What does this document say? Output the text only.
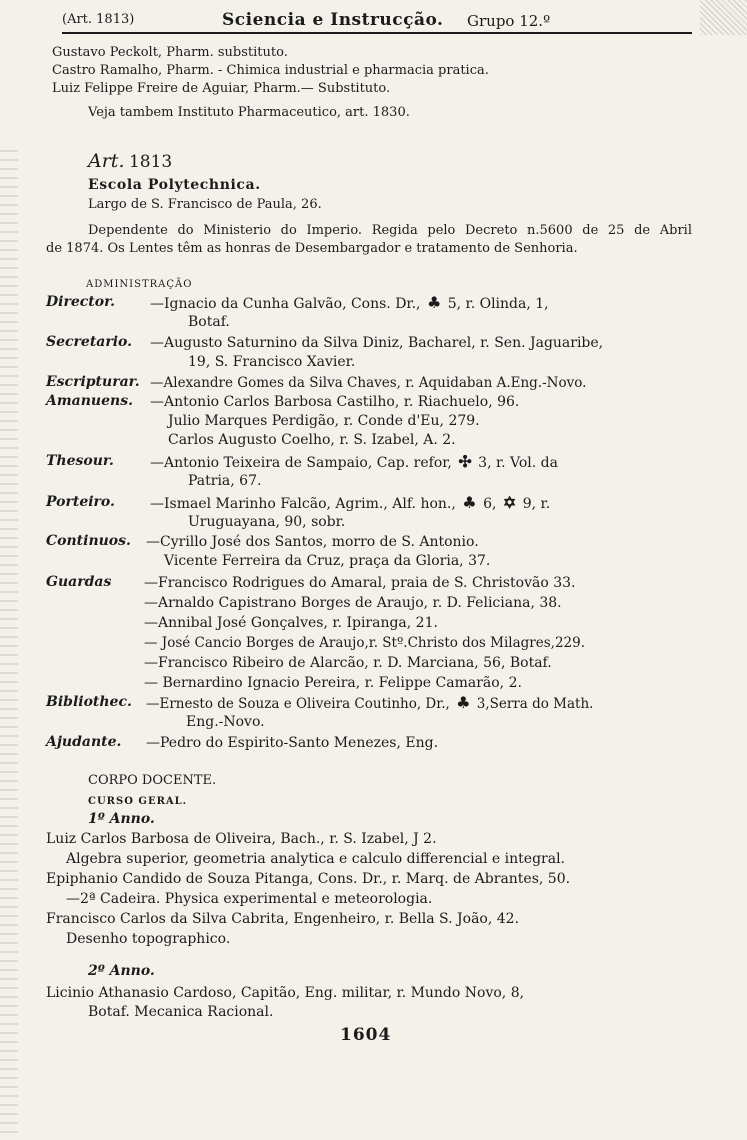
(Art. 1813)	Sciencia e Instrucção. Grupo 12.º
Gustavo Peckolt, Pharm. substituto.
Castro Ramalho, Pharm. - Chimica industrial e pharmacia pratica.
Luiz Felippe Freire de Aguiar, Pharm.— Substituto.
Veja tambem Instituto Pharmaceutico, art. 1830.
Art. 1813
Escola Polytechnica.
Largo de S. Francisco de Paula, 26.
Dependente do Ministerio do Imperio. Regida pelo Decreto n.5600 de 25 de Abril
de 1874. Os Lentes têm as honras de Desembargador e tratamento de Senhoria.
ADMINISTRAÇÃO
Director. —Ignacio da Cunha Galvão, Cons. Dr., ♣ 5, r. Olinda, 1,
Botaf.
Secretario. —Augusto Saturnino da Silva Diniz, Bacharel, r. Sen. Jaguaribe,
19, S. Francisco Xavier.
Escripturar. —Alexandre Gomes da Silva Chaves, r. Aquidaban A.Eng.-Novo.
Amanuens. —Antonio Carlos Barbosa Castilho, r. Riachuelo, 96.
Julio Marques Perdigão, r. Conde d'Eu, 279.
Carlos Augusto Coelho, r. S. Izabel, A. 2.
Thesour.	—Antonio Teixeira de Sampaio, Cap. refor, ✣ 3, r. Vol. da
Patria, 67.
Porteiro.	—Ismael Marinho Falcão, Agrim., Alf. hon., ♣ 6, ✡ 9, r.
Uruguayana, 90, sobr.
Continuos. —Cyrillo José dos Santos, morro de S. Antonio.
Vicente Ferreira da Cruz, praça da Gloria, 37.
Guardas —Francisco Rodrigues do Amaral, praia de S. Christovão 33.
—Arnaldo Capistrano Borges de Araujo, r. D. Feliciana, 38.
—Annibal José Gonçalves, r. Ipiranga, 21.
— José Cancio Borges de Araujo,r. Stº.Christo dos Milagres,229.
—Francisco Ribeiro de Alarcão, r. D. Marciana, 56, Botaf.
— Bernardino Ignacio Pereira, r. Felippe Camarão, 2.
Bibliothec. —Ernesto de Souza e Oliveira Coutinho, Dr., ♣ 3,Serra do Math.
Eng.-Novo.
Ajudante. —Pedro do Espirito-Santo Menezes, Eng.
CORPO DOCENTE.
CURSO GERAL.
1º Anno.
Luiz Carlos Barbosa de Oliveira, Bach., r. S. Izabel, J 2.
Algebra superior, geometria analytica e calculo differencial e integral.
Epiphanio Candido de Souza Pitanga, Cons. Dr., r. Marq. de Abrantes, 50.
—2ª Cadeira. Physica experimental e meteorologia.
Francisco Carlos da Silva Cabrita, Engenheiro, r. Bella S. João, 42.
Desenho topographico.
2º Anno.
Licinio Athanasio Cardoso, Capitão, Eng. militar, r. Mundo Novo, 8,
Botaf. Mecanica Racional.
1604
